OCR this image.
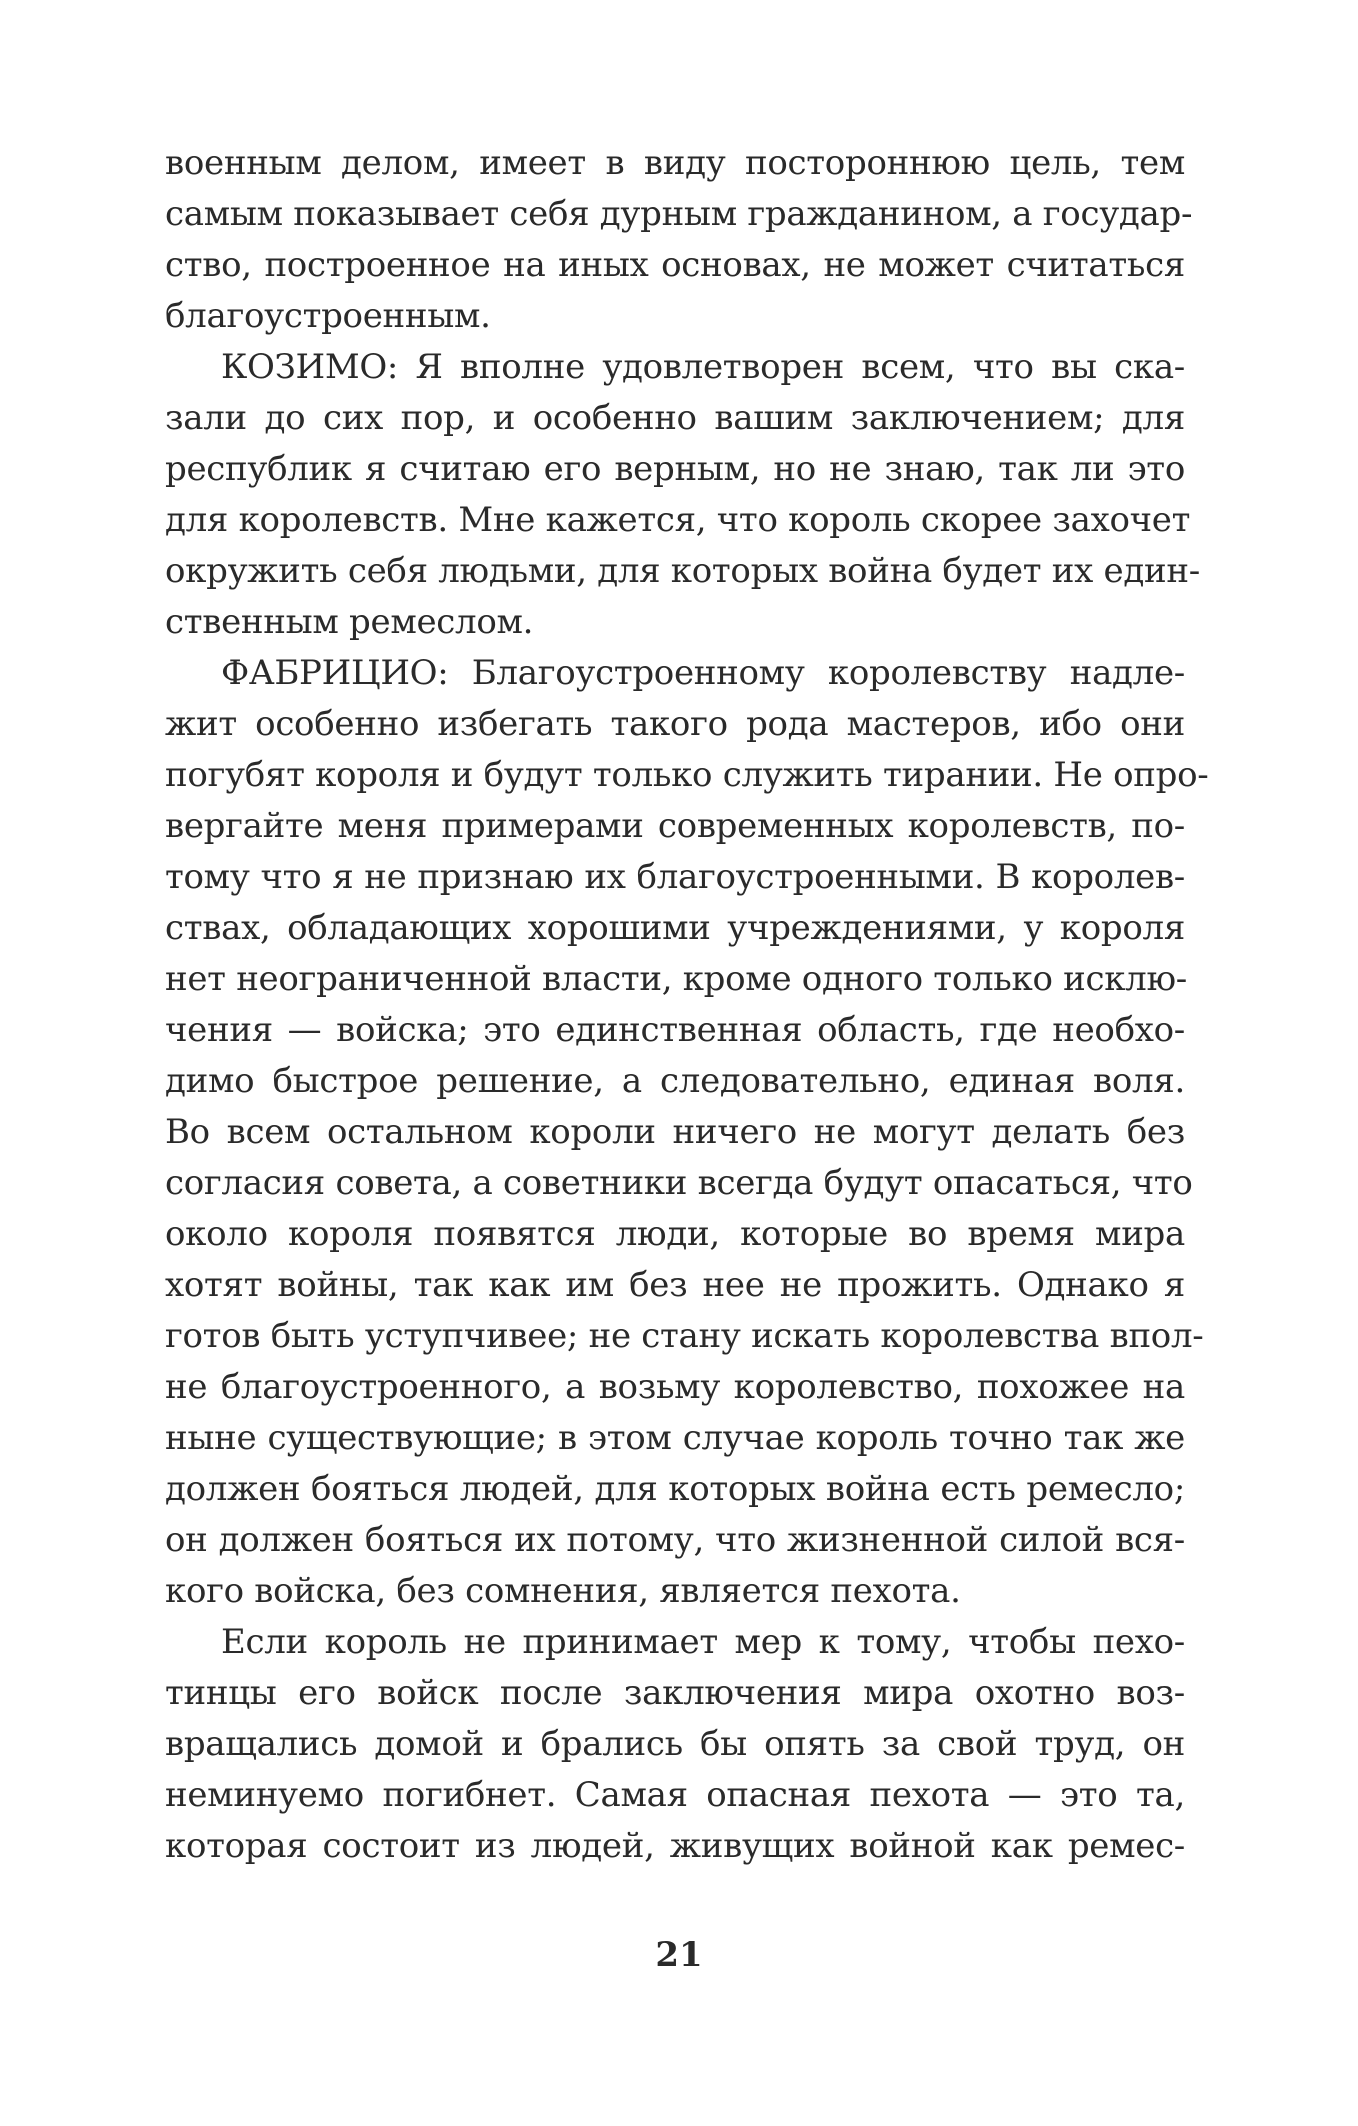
военным делом, имеет в виду постороннюю цель, тем
самым показывает себя дурным гражданином, а государ-
ство, построенное на иных основах, не может считаться
благоустроенным.
КОЗИМО: Я вполне удовлетворен всем, что вы ска-
зали до сих пор, и особенно вашим заключением; для
республик я считаю его верным, но не знаю, так ли это
для королевств. Мне кажется, что король скорее захочет
окружить себя людьми, для которых война будет их един-
ственным ремеслом.
ФАБРИЦИО: Благоустроенному королевству надле-
жит особенно избегать такого рода мастеров, ибо они
погубят короля и будут только служить тирании. Не опро-
вергайте меня примерами современных королевств, по-
тому что я не признаю их благоустроенными. В королев-
ствах, обладающих хорошими учреждениями, у короля
нет неограниченной власти, кроме одного только исклю-
чения — войска; это единственная область, где необхо-
димо быстрое решение, а следовательно, единая воля.
Во всем остальном короли ничего не могут делать без
согласия совета, а советники всегда будут опасаться, что
около короля появятся люди, которые во время мира
хотят войны, так как им без нее не прожить. Однако я
готов быть уступчивее; не стану искать королевства впол-
не благоустроенного, а возьму королевство, похожее на
ныне существующие; в этом случае король точно так же
должен бояться людей, для которых война есть ремесло;
он должен бояться их потому, что жизненной силой вся-
кого войска, без сомнения, является пехота.
Если король не принимает мер к тому, чтобы пехо-
тинцы его войск после заключения мира охотно воз-
вращались домой и брались бы опять за свой труд, он
неминуемо погибнет. Самая опасная пехота — это та,
которая состоит из людей, живущих войной как ремес-
21
